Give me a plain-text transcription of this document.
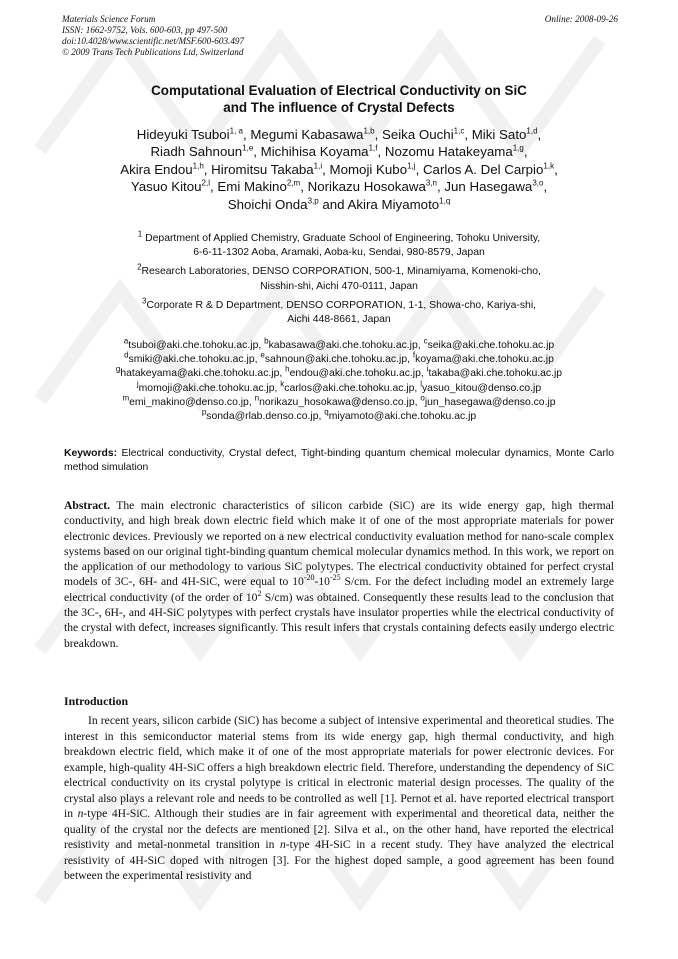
Materials Science Forum
ISSN: 1662-9752, Vols. 600-603, pp 497-500
doi:10.4028/www.scientific.net/MSF.600-603.497
© 2009 Trans Tech Publications Ltd, Switzerland
Online: 2008-09-26
Computational Evaluation of Electrical Conductivity on SiC
and The influence of Crystal Defects
Hideyuki Tsuboi$^{1, a}$, Megumi Kabasawa$^{1,b}$, Seika Ouchi$^{1,c}$, Miki Sato$^{1,d}$,
Riadh Sahnoun$^{1,e}$, Michihisa Koyama$^{1,f}$, Nozomu Hatakeyama$^{1,g}$,
Akira Endou$^{1,h}$, Hiromitsu Takaba$^{1,i}$, Momoji Kubo$^{1,j}$, Carlos A. Del Carpio$^{1,k}$,
Yasuo Kitou$^{2,l}$, Emi Makino$^{2,m}$, Norikazu Hosokawa$^{3,n}$, Jun Hasegawa$^{3,o}$,
Shoichi Onda$^{3,p}$ and Akira Miyamoto$^{1,q}$
$^1$ Department of Applied Chemistry, Graduate School of Engineering, Tohoku University,
6-6-11-1302 Aoba, Aramaki, Aoba-ku, Sendai, 980-8579, Japan
$^2$Research Laboratories, DENSO CORPORATION, 500-1, Minamiyama, Komenoki-cho,
Nisshin-shi, Aichi 470-0111, Japan
$^3$Corporate R & D Department, DENSO CORPORATION, 1-1, Showa-cho, Kariya-shi,
Aichi 448-8661, Japan
$^a$tsuboi@aki.che.tohoku.ac.jp, $^b$kabasawa@aki.che.tohoku.ac.jp, $^c$seika@aki.che.tohoku.ac.jp
$^d$smiki@aki.che.tohoku.ac.jp, $^e$sahnoun@aki.che.tohoku.ac.jp, $^f$koyama@aki.che.tohoku.ac.jp
$^g$hatakeyama@aki.che.tohoku.ac.jp, $^h$endou@aki.che.tohoku.ac.jp, $^i$takaba@aki.che.tohoku.ac.jp
$^j$momoji@aki.che.tohoku.ac.jp, $^k$carlos@aki.che.tohoku.ac.jp, $^l$yasuo_kitou@denso.co.jp
$^m$emi_makino@denso.co.jp, $^n$norikazu_hosokawa@denso.co.jp, $^o$jun_hasegawa@denso.co.jp
$^p$sonda@rlab.denso.co.jp, $^q$miyamoto@aki.che.tohoku.ac.jp
Keywords: Electrical conductivity, Crystal defect, Tight-binding quantum chemical molecular dynamics, Monte Carlo method simulation
Abstract. The main electronic characteristics of silicon carbide (SiC) are its wide energy gap, high thermal conductivity, and high break down electric field which make it of one of the most appropriate materials for power electronic devices. Previously we reported on a new electrical conductivity evaluation method for nano-scale complex systems based on our original tight-binding quantum chemical molecular dynamics method. In this work, we report on the application of our methodology to various SiC polytypes. The electrical conductivity obtained for perfect crystal models of 3C-, 6H- and 4H-SiC, were equal to $10^{-20}-10^{-25}$ S/cm. For the defect including model an extremely large electrical conductivity (of the order of $10^2$ S/cm) was obtained. Consequently these results lead to the conclusion that the 3C-, 6H-, and 4H-SiC polytypes with perfect crystals have insulator properties while the electrical conductivity of the crystal with defect, increases significantly. This result infers that crystals containing defects easily undergo electric breakdown.
Introduction
In recent years, silicon carbide (SiC) has become a subject of intensive experimental and theoretical studies. The interest in this semiconductor material stems from its wide energy gap, high thermal conductivity, and high breakdown electric field, which make it of one of the most appropriate materials for power electronic devices. For example, high-quality 4H-SiC offers a high breakdown electric field. Therefore, understanding the dependency of SiC electrical conductivity on its crystal polytype is critical in electronic material design processes. The quality of the crystal also plays a relevant role and needs to be controlled as well [1]. Pernot et al. have reported electrical transport in n-type 4H-SiC. Although their studies are in fair agreement with experimental and theoretical data, neither the quality of the crystal nor the defects are mentioned [2]. Silva et al., on the other hand, have reported the electrical resistivity and metal-nonmetal transition in n-type 4H-SiC in a recent study. They have analyzed the electrical resistivity of 4H-SiC doped with nitrogen [3]. For the highest doped sample, a good agreement has been found between the experimental resistivity and
